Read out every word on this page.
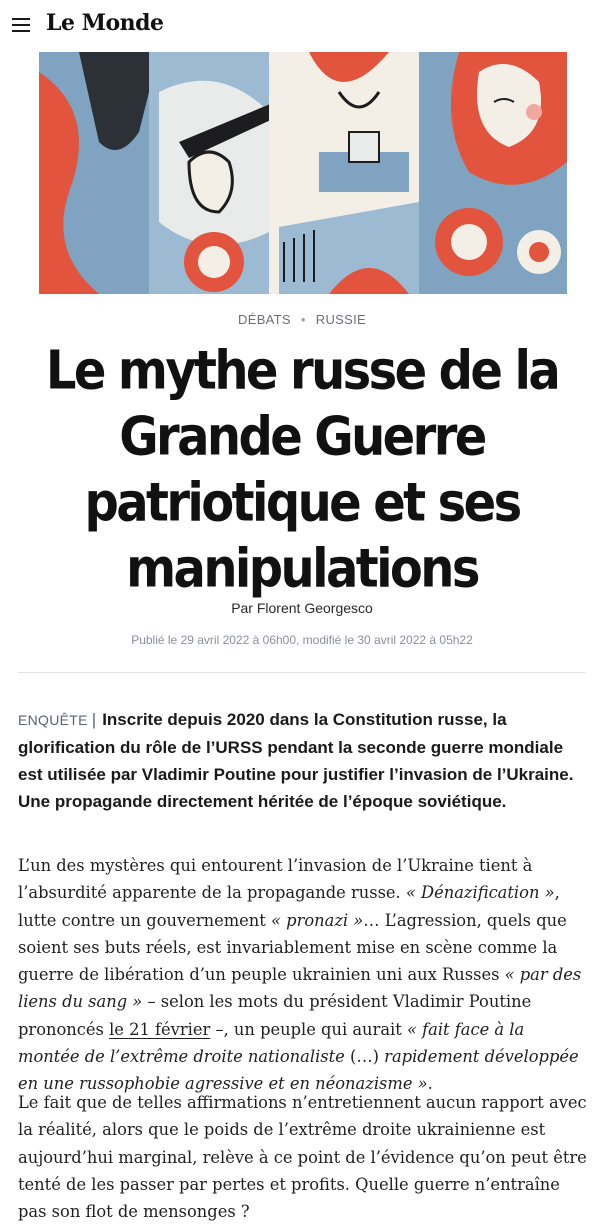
Le Monde
DÉBATS • RUSSIE
Le mythe russe de la Grande Guerre patriotique et ses manipulations
Par Florent Georgesco
Publié le 29 avril 2022 à 06h00, modifié le 30 avril 2022 à 05h22

ENQUÊTE | Inscrite depuis 2020 dans la Constitution russe, la glorification du rôle de l’URSS pendant la seconde guerre mondiale est utilisée par Vladimir Poutine pour justifier l’invasion de l’Ukraine. Une propagande directement héritée de l’époque soviétique.

L’un des mystères qui entourent l’invasion de l’Ukraine tient à l’absurdité apparente de la propagande russe. « Dénazification », lutte contre un gouvernement « pronazi »… L’agression, quels que soient ses buts réels, est invariablement mise en scène comme la guerre de libération d’un peuple ukrainien uni aux Russes « par des liens du sang » – selon les mots du président Vladimir Poutine prononcés le 21 février –, un peuple qui aurait « fait face à la montée de l’extrême droite nationaliste (…) rapidement développée en une russophobie agressive et en néonazisme ».

Le fait que de telles affirmations n’entretiennent aucun rapport avec la réalité, alors que le poids de l’extrême droite ukrainienne est aujourd’hui marginal, relève à ce point de l’évidence qu’on peut être tenté de les passer par pertes et profits. Quelle guerre n’entraîne pas son flot de mensonges ?
